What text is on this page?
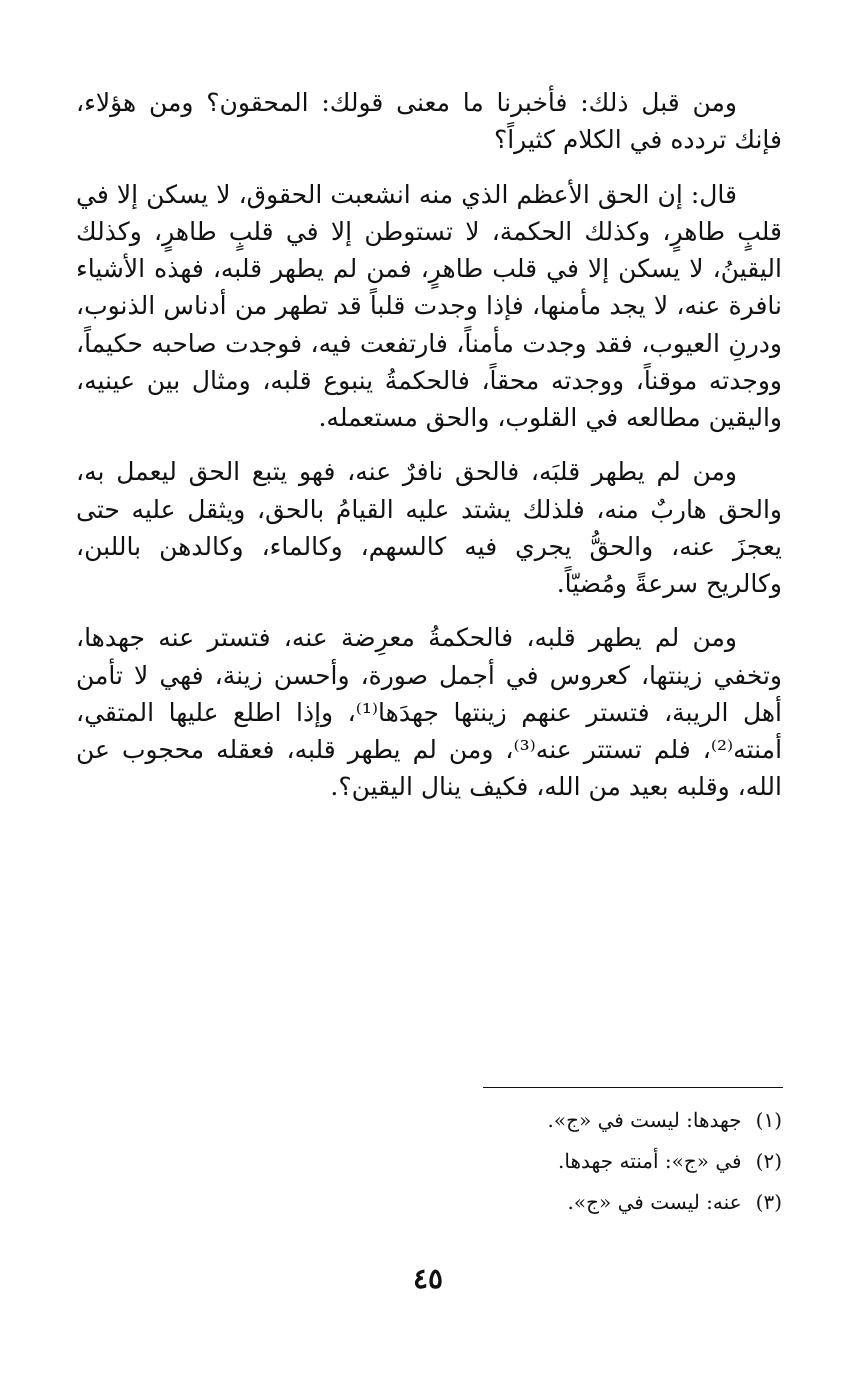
ومن قبل ذلك: فأخبرنا ما معنى قولك: المحقون؟ ومن هؤلاء، فإنك تردده في الكلام كثيراً؟

قال: إن الحق الأعظم الذي منه انشعبت الحقوق، لا يسكن إلا في قلبٍ طاهرٍ، وكذلك الحكمة، لا تستوطن إلا في قلبٍ طاهرٍ، وكذلك اليقينُ، لا يسكن إلا في قلب طاهرٍ، فمن لم يطهر قلبه، فهذه الأشياء نافرة عنه، لا يجد مأمنها، فإذا وجدت قلباً قد تطهر من أدناس الذنوب، ودرنِ العيوب، فقد وجدت مأمناً، فارتفعت فيه، فوجدت صاحبه حكيماً، ووجدته موقناً، ووجدته محقاً، فالحكمةُ ينبوع قلبه، ومثال بين عينيه، واليقين مطالعه في القلوب، والحق مستعمله.

ومن لم يطهر قلبَه، فالحق نافرٌ عنه، فهو يتبع الحق ليعمل به، والحق هاربٌ منه، فلذلك يشتد عليه القيامُ بالحق، ويثقل عليه حتى يعجزَ عنه، والحقُّ يجري فيه كالسهم، وكالماء، وكالدهن باللبن، وكالريح سرعةً ومُضيّاً.

ومن لم يطهر قلبه، فالحكمةُ معرِضة عنه، فتستر عنه جهدها، وتخفي زينتها، كعروس في أجمل صورة، وأحسن زينة، فهي لا تأمن أهل الريبة، فتستر عنهم زينتها جهدَها⁽¹⁾، وإذا اطلع عليها المتقي، أمنته⁽²⁾، فلم تستتر عنه⁽³⁾، ومن لم يطهر قلبه، فعقله محجوب عن الله، وقلبه بعيد من الله، فكيف ينال اليقين؟.

(١)جهدها: ليست في «ج».

(٢)في «ج»: أمنته جهدها.

(٣)عنه: ليست في «ج».

٤٥
